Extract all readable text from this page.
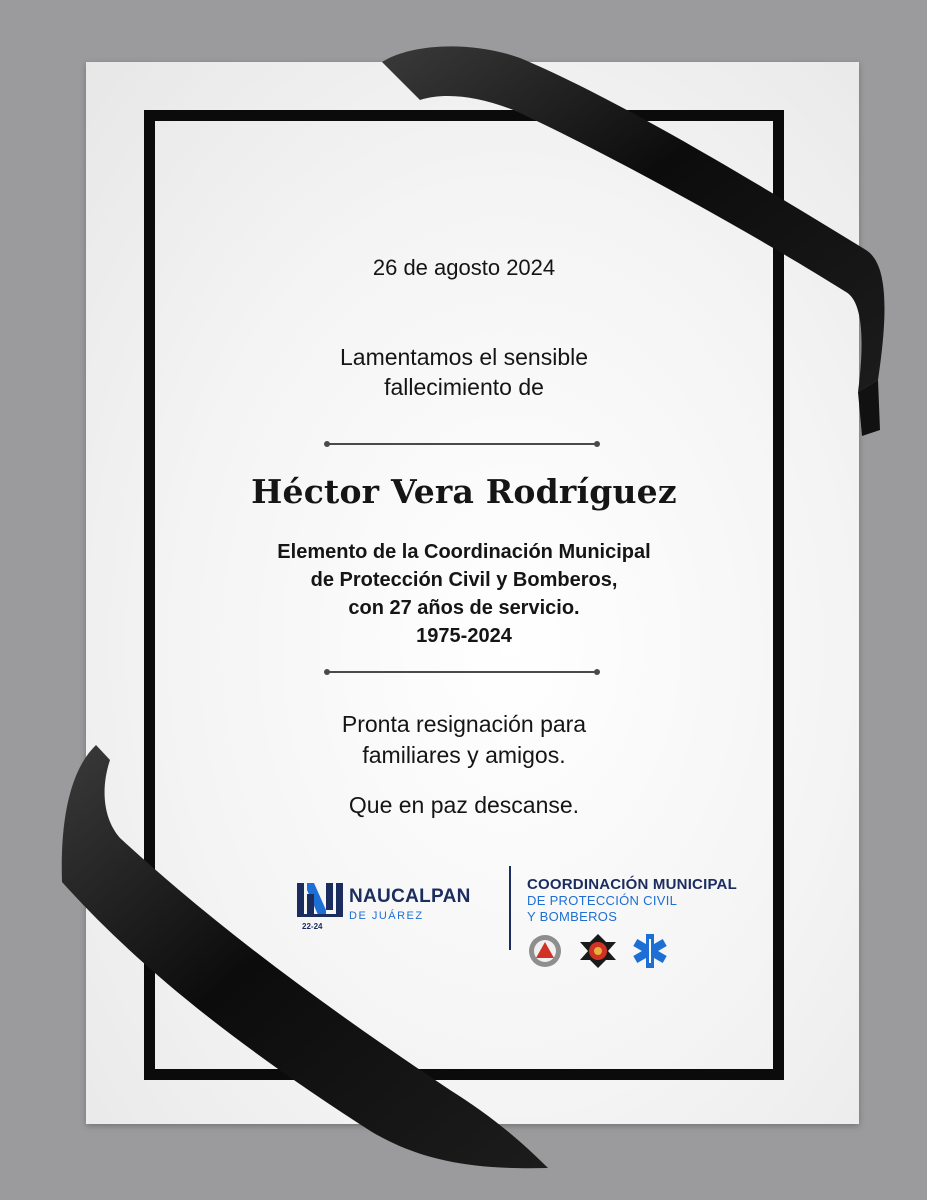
26 de agosto 2024
Lamentamos el sensible
fallecimiento de
Héctor Vera Rodríguez
Elemento de la Coordinación Municipal
de Protección Civil y Bomberos,
con 27 años de servicio.
1975-2024
Pronta resignación para
familiares y amigos.
Que en paz descanse.
NAUCALPAN
DE JUÁREZ
22-24
COORDINACIÓN MUNICIPAL
DE PROTECCIÓN CIVIL
Y BOMBEROS
